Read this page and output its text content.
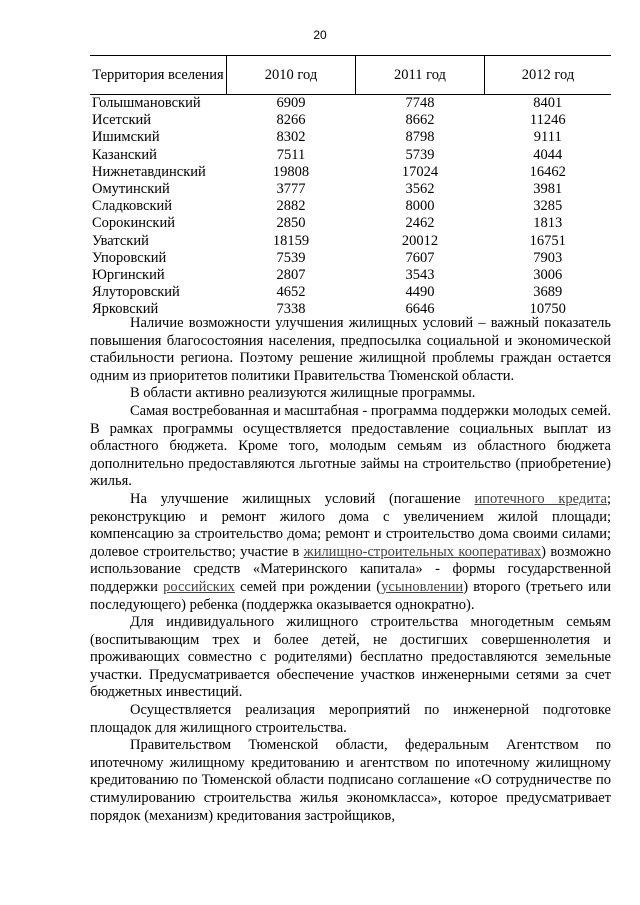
20
Территория вселения	2010 год	2011 год	2012 год
Голышмановский	6909	7748	8401
Исетский	8266	8662	11246
Ишимский	8302	8798	9111
Казанский	7511	5739	4044
Нижнетавдинский	19808	17024	16462
Омутинский	3777	3562	3981
Сладковский	2882	8000	3285
Сорокинский	2850	2462	1813
Уватский	18159	20012	16751
Упоровский	7539	7607	7903
Юргинский	2807	3543	3006
Ялуторовский	4652	4490	3689
Ярковский	7338	6646	10750

Наличие возможности улучшения жилищных условий – важный показатель повышения благосостояния населения, предпосылка социальной и экономической стабильности региона. Поэтому решение жилищной проблемы граждан остается одним из приоритетов политики Правительства Тюменской области.

В области активно реализуются жилищные программы.

Самая востребованная и масштабная - программа поддержки молодых семей. В рамках программы осуществляется предоставление социальных выплат из областного бюджета. Кроме того, молодым семьям из областного бюджета дополнительно предоставляются льготные займы на строительство (приобретение) жилья.

На улучшение жилищных условий (погашение ипотечного кредита; реконструкцию и ремонт жилого дома с увеличением жилой площади; компенсацию за строительство дома; ремонт и строительство дома своими силами; долевое строительство; участие в жилищно-строительных кооперативах) возможно использование средств «Материнского капитала» - формы государственной поддержки российских семей при рождении (усыновлении) второго (третьего или последующего) ребенка (поддержка оказывается однократно).

Для индивидуального жилищного строительства многодетным семьям (воспитывающим трех и более детей, не достигших совершеннолетия и проживающих совместно с родителями) бесплатно предоставляются земельные участки. Предусматривается обеспечение участков инженерными сетями за счет бюджетных инвестиций.

Осуществляется реализация мероприятий по инженерной подготовке площадок для жилищного строительства.

Правительством Тюменской области, федеральным Агентством по ипотечному жилищному кредитованию и агентством по ипотечному жилищному кредитованию по Тюменской области подписано соглашение «О сотрудничестве по стимулированию строительства жилья экономкласса», которое предусматривает порядок (механизм) кредитования застройщиков,
